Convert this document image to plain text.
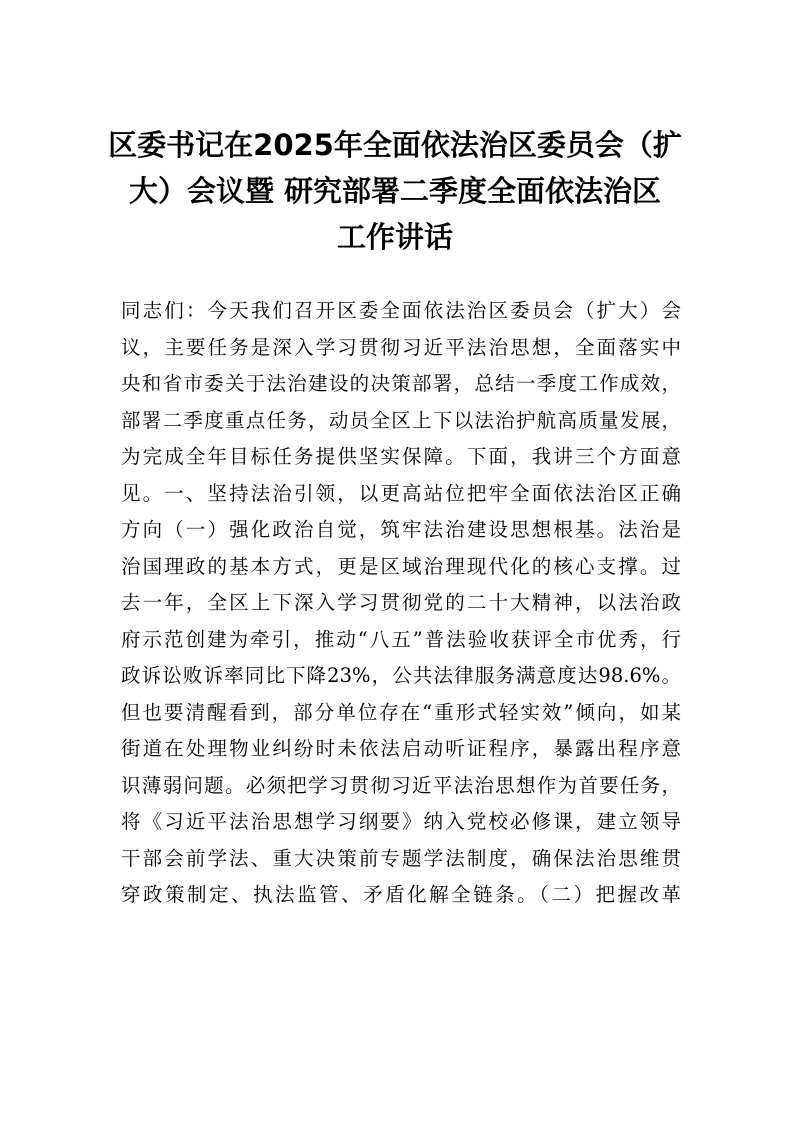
区委书记在2025年全面依法治区委员会（扩
大）会议暨 研究部署二季度全面依法治区
工作讲话
同志们：今天我们召开区委全面依法治区委员会（扩大）会
议，主要任务是深入学习贯彻习近平法治思想，全面落实中
央和省市委关于法治建设的决策部署，总结一季度工作成效，
部署二季度重点任务，动员全区上下以法治护航高质量发展，
为完成全年目标任务提供坚实保障。下面，我讲三个方面意
见。一、坚持法治引领，以更高站位把牢全面依法治区正确
方向（一）强化政治自觉，筑牢法治建设思想根基。法治是
治国理政的基本方式，更是区域治理现代化的核心支撑。过
去一年，全区上下深入学习贯彻党的二十大精神，以法治政
府示范创建为牵引，推动“八五”普法验收获评全市优秀，行
政诉讼败诉率同比下降23%，公共法律服务满意度达98.6%。
但也要清醒看到，部分单位存在“重形式轻实效”倾向，如某
街道在处理物业纠纷时未依法启动听证程序，暴露出程序意
识薄弱问题。必须把学习贯彻习近平法治思想作为首要任务，
将《习近平法治思想学习纲要》纳入党校必修课，建立领导
干部会前学法、重大决策前专题学法制度，确保法治思维贯
穿政策制定、执法监管、矛盾化解全链条。（二）把握改革
